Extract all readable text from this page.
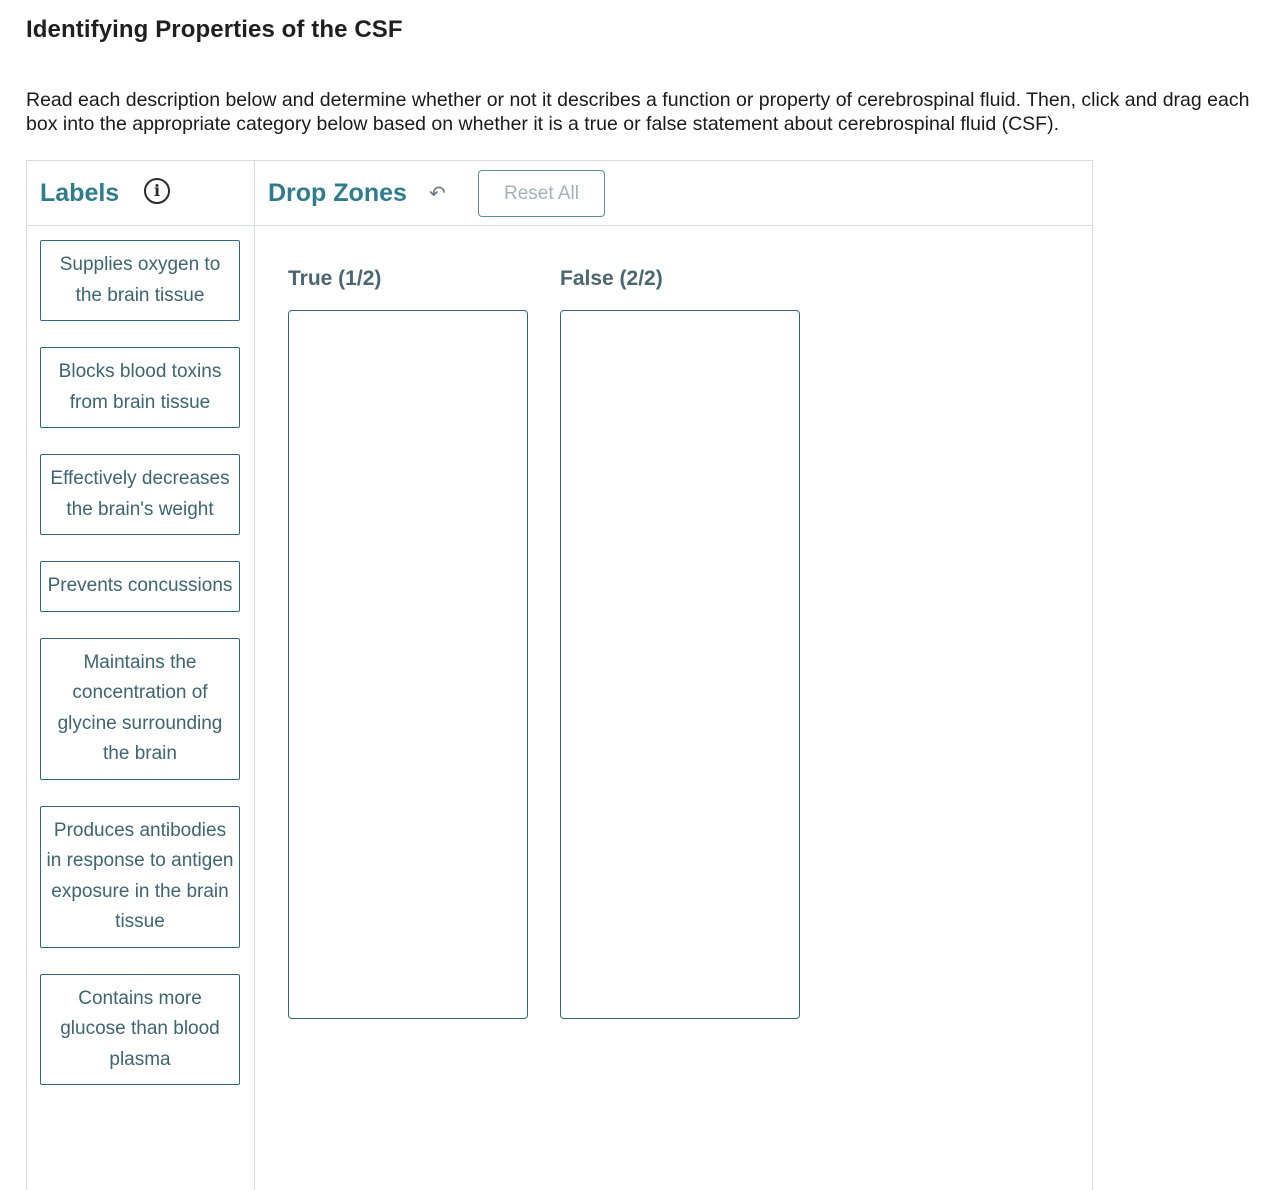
Identifying Properties of the CSF

Read each description below and determine whether or not it describes a function or property of cerebrospinal fluid. Then, click and drag each box into the appropriate category below based on whether it is a true or false statement about cerebrospinal fluid (CSF).

Labels	i
Supplies oxygen to the brain tissue
Blocks blood toxins from brain tissue
Effectively decreases the brain's weight
Prevents concussions
Maintains the concentration of glycine surrounding the brain
Produces antibodies in response to antigen exposure in the brain tissue
Contains more glucose than blood plasma
Drop Zones ↶	Reset All
True (1/2)	False (2/2)
